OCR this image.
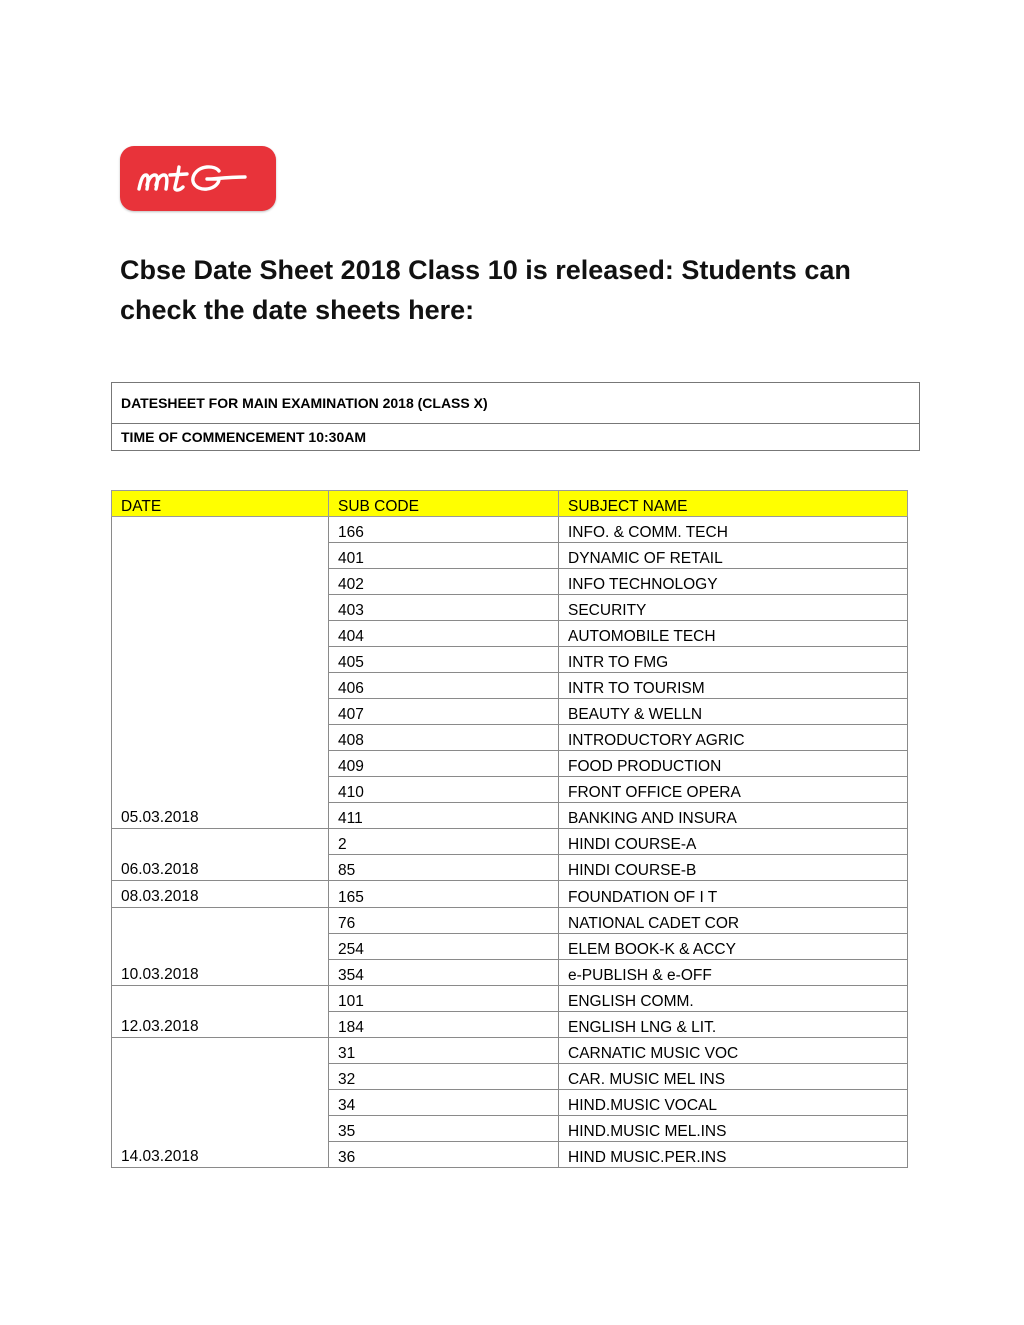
Cbse Date Sheet 2018 Class 10 is released: Students can check the date sheets here:
DATESHEET FOR MAIN EXAMINATION 2018 (CLASS X)
TIME OF COMMENCEMENT 10:30AM
DATE	SUB CODE	SUBJECT NAME
05.03.2018	166	INFO. & COMM. TECH
	401	DYNAMIC OF RETAIL
	402	INFO TECHNOLOGY
	403	SECURITY
	404	AUTOMOBILE TECH
	405	INTR TO FMG
	406	INTR TO TOURISM
	407	BEAUTY & WELLN
	408	INTRODUCTORY AGRIC
	409	FOOD PRODUCTION
	410	FRONT OFFICE OPERA
	411	BANKING AND INSURA
06.03.2018	2	HINDI COURSE-A
	85	HINDI COURSE-B
08.03.2018	165	FOUNDATION OF I T
10.03.2018	76	NATIONAL CADET COR
	254	ELEM BOOK-K & ACCY
	354	e-PUBLISH & e-OFF
12.03.2018	101	ENGLISH COMM.
	184	ENGLISH LNG & LIT.
14.03.2018	31	CARNATIC MUSIC VOC
	32	CAR. MUSIC MEL INS
	34	HIND.MUSIC VOCAL
	35	HIND.MUSIC MEL.INS
	36	HIND MUSIC.PER.INS
